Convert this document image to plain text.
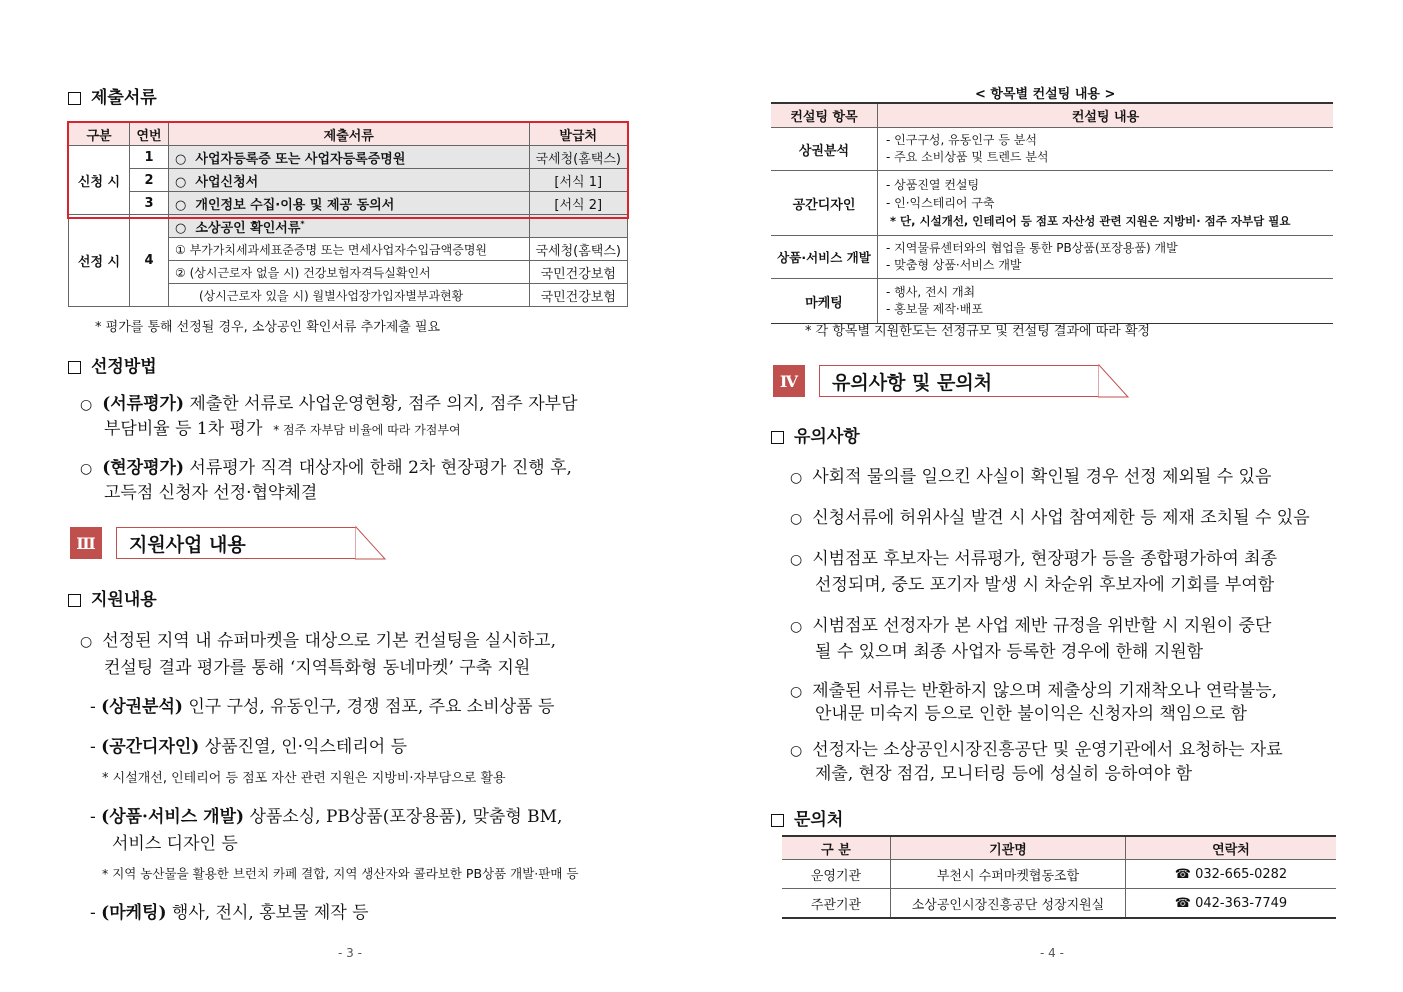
제출서류
구분	연번	제출서류	발급처
신청 시	1	○  사업자등록증 또는 사업자등록증명원	국세청(홈택스)
	2	○  사업신청서	[서식 1]
	3	○  개인정보 수집·이용 및 제공 동의서	[서식 2]
선정 시	4	○  소상공인 확인서류*	
		① 부가가치세과세표준증명 또는 면세사업자수입금액증명원	국세청(홈택스)
		② (상시근로자 없을 시) 건강보험자격득실확인서	국민건강보험
		(상시근로자 있을 시) 월별사업장가입자별부과현황	국민건강보험
* 평가를 통해 선정될 경우, 소상공인 확인서류 추가제출 필요
선정방법
○ (서류평가) 제출한 서류로 사업운영현황, 점주 의지, 점주 자부담
부담비율 등 1차 평가 * 점주 자부담 비율에 따라 가점부여
○ (현장평가) 서류평가 직격 대상자에 한해 2차 현장평가 진행 후,
고득점 신청자 선정·협약체결
Ⅲ	지원사업 내용
지원내용
○ 선정된 지역 내 슈퍼마켓을 대상으로 기본 컨설팅을 실시하고,
컨설팅 결과 평가를 통해 ‘지역특화형 동네마켓’ 구축 지원
- (상권분석) 인구 구성, 유동인구, 경쟁 점포, 주요 소비상품 등
- (공간디자인) 상품진열, 인·익스테리어 등
* 시설개선, 인테리어 등 점포 자산 관련 지원은 지방비·자부담으로 활용
- (상품·서비스 개발) 상품소싱, PB상품(포장용품), 맞춤형 BM,
서비스 디자인 등
* 지역 농산물을 활용한 브런치 카페 결합, 지역 생산자와 콜라보한 PB상품 개발·판매 등
- (마케팅) 행사, 전시, 홍보물 제작 등
- 3 -
< 항목별 컨설팅 내용 >
컨설팅 항목	컨설팅 내용
상권분석	- 인구구성, 유동인구 등 분석
- 주요 소비상품 및 트렌드 분석

공간디자인	- 상품진열 컨설팅
- 인·익스테리어 구축
* 단, 시설개선, 인테리어 등 점포 자산성 관련 지원은 지방비· 점주 자부담 필요

상품·서비스 개발	- 지역물류센터와의 협업을 통한 PB상품(포장용품) 개발
- 맞춤형 상품·서비스 개발

마케팅	- 행사, 전시 개최
- 홍보물 제작·배포
* 각 항목별 지원한도는 선정규모 및 컨설팅 결과에 따라 확정
Ⅳ	유의사항 및 문의처
유의사항
○ 사회적 물의를 일으킨 사실이 확인될 경우 선정 제외될 수 있음
○ 신청서류에 허위사실 발견 시 사업 참여제한 등 제재 조치될 수 있음
○ 시범점포 후보자는 서류평가, 현장평가 등을 종합평가하여 최종
선정되며, 중도 포기자 발생 시 차순위 후보자에 기회를 부여함
○ 시범점포 선정자가 본 사업 제반 규정을 위반할 시 지원이 중단
될 수 있으며 최종 사업자 등록한 경우에 한해 지원함
○ 제출된 서류는 반환하지 않으며 제출상의 기재착오나 연락불능,
안내문 미숙지 등으로 인한 불이익은 신청자의 책임으로 함
○ 선정자는 소상공인시장진흥공단 및 운영기관에서 요청하는 자료
제출, 현장 점검, 모니터링 등에 성실히 응하여야 함
문의처
구 분	기관명	연락처
운영기관	부천시 수퍼마켓협동조합	☎ 032-665-0282
주관기관	소상공인시장진흥공단 성장지원실	☎ 042-363-7749
- 4 -
